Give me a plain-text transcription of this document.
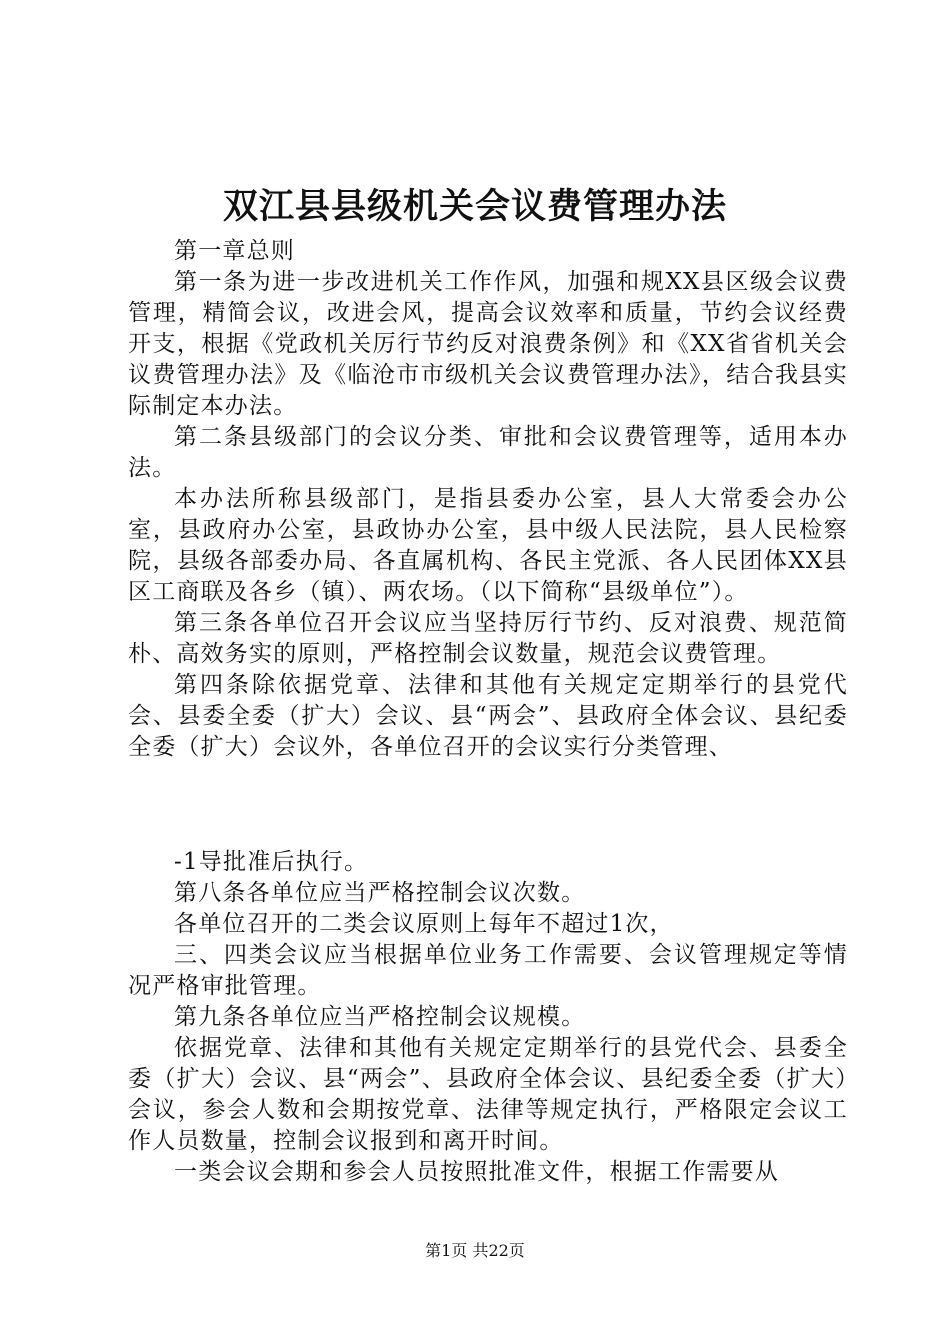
双江县县级机关会议费管理办法

第一章总则

第一条为进一步改进机关工作作风，加强和规XX县区级会议费管理，精简会议，改进会风，提高会议效率和质量，节约会议经费开支，根据《党政机关厉行节约反对浪费条例》和《XX省省机关会议费管理办法》及《临沧市市级机关会议费管理办法》，结合我县实际制定本办法。

第二条县级部门的会议分类、审批和会议费管理等，适用本办法。

本办法所称县级部门，是指县委办公室，县人大常委会办公室，县政府办公室，县政协办公室，县中级人民法院，县人民检察院，县级各部委办局、各直属机构、各民主党派、各人民团体XX县区工商联及各乡（镇）、两农场。（以下简称“县级单位”）。

第三条各单位召开会议应当坚持厉行节约、反对浪费、规范简朴、高效务实的原则，严格控制会议数量，规范会议费管理。

第四条除依据党章、法律和其他有关规定定期举行的县党代会、县委全委（扩大）会议、县“两会”、县政府全体会议、县纪委全委（扩大）会议外，各单位召开的会议实行分类管理、

-1导批准后执行。

第八条各单位应当严格控制会议次数。

各单位召开的二类会议原则上每年不超过1次，

三、四类会议应当根据单位业务工作需要、会议管理规定等情况严格审批管理。

第九条各单位应当严格控制会议规模。

依据党章、法律和其他有关规定定期举行的县党代会、县委全委（扩大）会议、县“两会”、县政府全体会议、县纪委全委（扩大）会议，参会人数和会期按党章、法律等规定执行，严格限定会议工作人员数量，控制会议报到和离开时间。

一类会议会期和参会人员按照批准文件，根据工作需要从

第1页 共22页
